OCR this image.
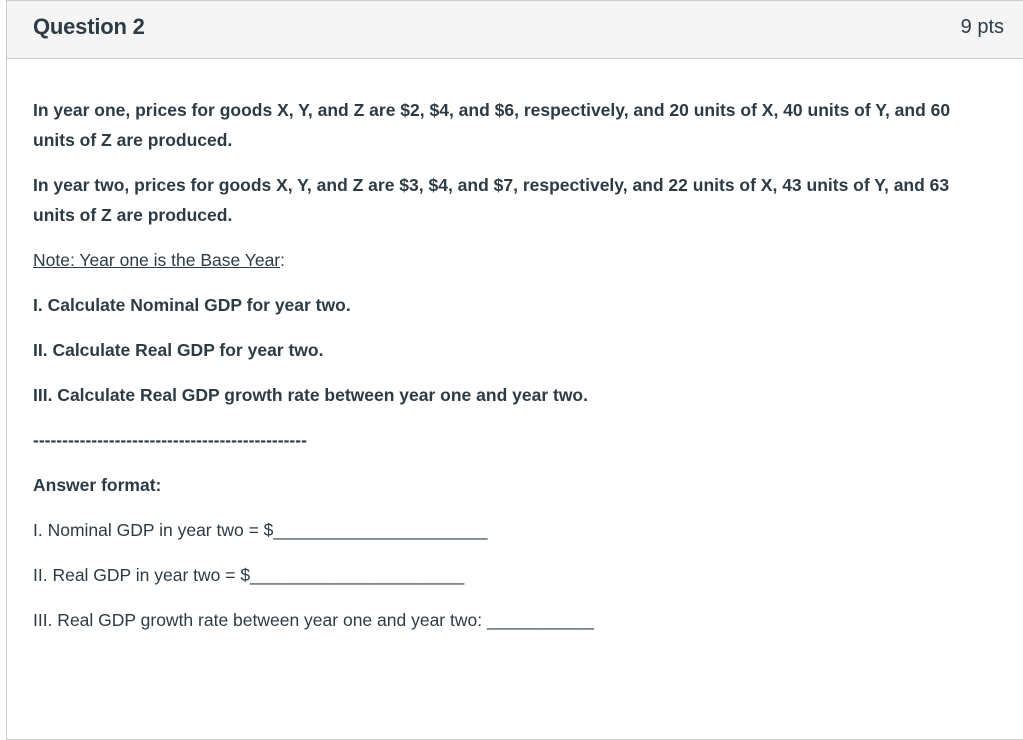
Question 2	9 pts

In year one, prices for goods X, Y, and Z are $2, $4, and $6, respectively, and 20 units of X, 40 units of Y, and 60 units of Z are produced.

In year two, prices for goods X, Y, and Z are $3, $4, and $7, respectively, and 22 units of X, 43 units of Y, and 63 units of Z are produced.

Note: Year one is the Base Year:

I. Calculate Nominal GDP for year two.

II. Calculate Real GDP for year two.

III. Calculate Real GDP growth rate between year one and year two.

-----------------------------------------------

Answer format:

I. Nominal GDP in year two = $______________________

II. Real GDP in year two = $______________________

III. Real GDP growth rate between year one and year two: ___________
